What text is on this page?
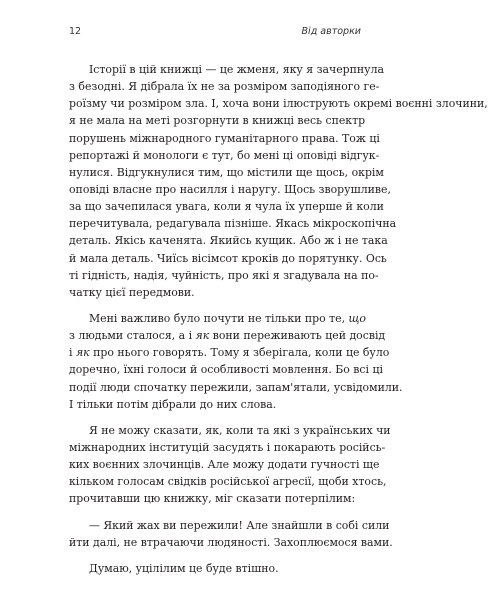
12	Від авторки
Історії в цій книжці — це жменя, яку я зачерпнула
з безодні. Я дібрала їх не за розміром заподіяного ге-
роїзму чи розміром зла. І, хоча вони ілюструють окремі воєнні злочини,
я не мала на меті розгорнути в книжці весь спектр
порушень міжнародного гуманітарного права. Тож ці
репортажі й монологи є тут, бо мені ці оповіді відгук-
нулися. Відгукнулися тим, що містили ще щось, окрім
оповіді власне про насилля і наругу. Щось зворушливе,
за що зачепилася увага, коли я чула їх уперше й коли
перечитувала, редагувала пізніше. Якась мікроскопічна
деталь. Якісь каченята. Якийсь кущик. Або ж і не така
й мала деталь. Чиїсь вісімсот кроків до порятунку. Ось
ті гідність, надія, чуйність, про які я згадувала на по-
чатку цієї передмови.
Мені важливо було почути не тільки про те, що
з людьми сталося, а і як вони переживають цей досвід
і як про нього говорять. Тому я зберігала, коли це було
доречно, їхні голоси й особливості мовлення. Бо всі ці
події люди спочатку пережили, запам'ятали, усвідомили.
І тільки потім дібрали до них слова.
Я не можу сказати, як, коли та які з українських чи
міжнародних інституцій засудять і покарають російсь-
ких воєнних злочинців. Але можу додати гучності ще
кільком голосам свідків російської агресії, щоби хтось,
прочитавши цю книжку, міг сказати потерпілим:
— Який жах ви пережили! Але знайшли в собі сили
йти далі, не втрачаючи людяності. Захоплюємося вами.
Думаю, уцілілим це буде втішно.
